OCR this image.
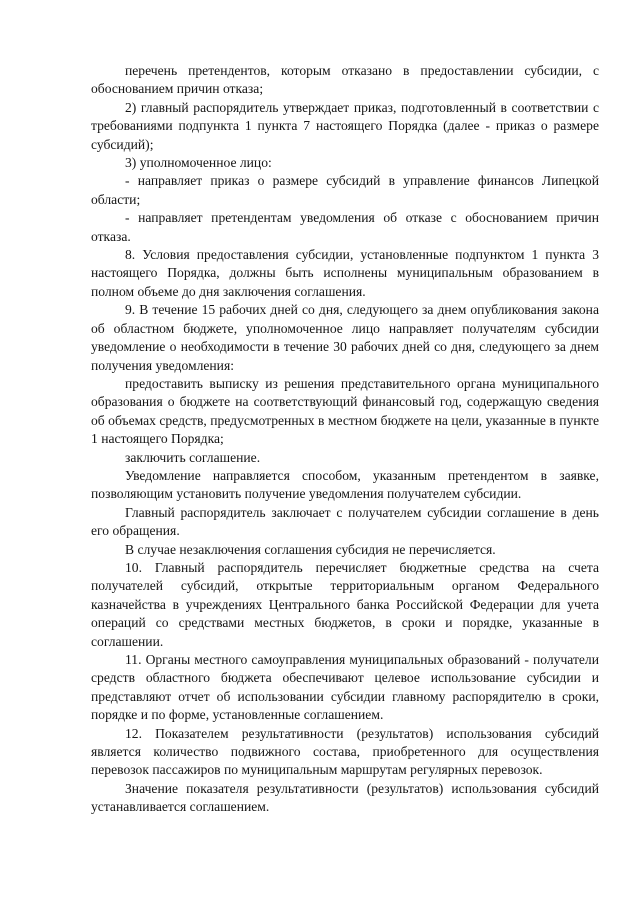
перечень претендентов, которым отказано в предоставлении субсидии, с обоснованием причин отказа;

2) главный распорядитель утверждает приказ, подготовленный в соответствии с требованиями подпункта 1 пункта 7 настоящего Порядка (далее - приказ о размере субсидий);

3) уполномоченное лицо:

- направляет приказ о размере субсидий в управление финансов Липецкой области;

- направляет претендентам уведомления об отказе с обоснованием причин отказа.

8. Условия предоставления субсидии, установленные подпунктом 1 пункта 3 настоящего Порядка, должны быть исполнены муниципальным образованием в полном объеме до дня заключения соглашения.

9. В течение 15 рабочих дней со дня, следующего за днем опубликования закона об областном бюджете, уполномоченное лицо направляет получателям субсидии уведомление о необходимости в течение 30 рабочих дней со дня, следующего за днем получения уведомления:

предоставить выписку из решения представительного органа муниципального образования о бюджете на соответствующий финансовый год, содержащую сведения об объемах средств, предусмотренных в местном бюджете на цели, указанные в пункте 1 настоящего Порядка;

заключить соглашение.

Уведомление направляется способом, указанным претендентом в заявке, позволяющим установить получение уведомления получателем субсидии.

Главный распорядитель заключает с получателем субсидии соглашение в день его обращения.

В случае незаключения соглашения субсидия не перечисляется.

10. Главный распорядитель перечисляет бюджетные средства на счета получателей субсидий, открытые территориальным органом Федерального казначейства в учреждениях Центрального банка Российской Федерации для учета операций со средствами местных бюджетов, в сроки и порядке, указанные в соглашении.

11. Органы местного самоуправления муниципальных образований - получатели средств областного бюджета обеспечивают целевое использование субсидии и представляют отчет об использовании субсидии главному распорядителю в сроки, порядке и по форме, установленные соглашением.

12. Показателем результативности (результатов) использования субсидий является количество подвижного состава, приобретенного для осуществления перевозок пассажиров по муниципальным маршрутам регулярных перевозок.

Значение показателя результативности (результатов) использования субсидий устанавливается соглашением.
